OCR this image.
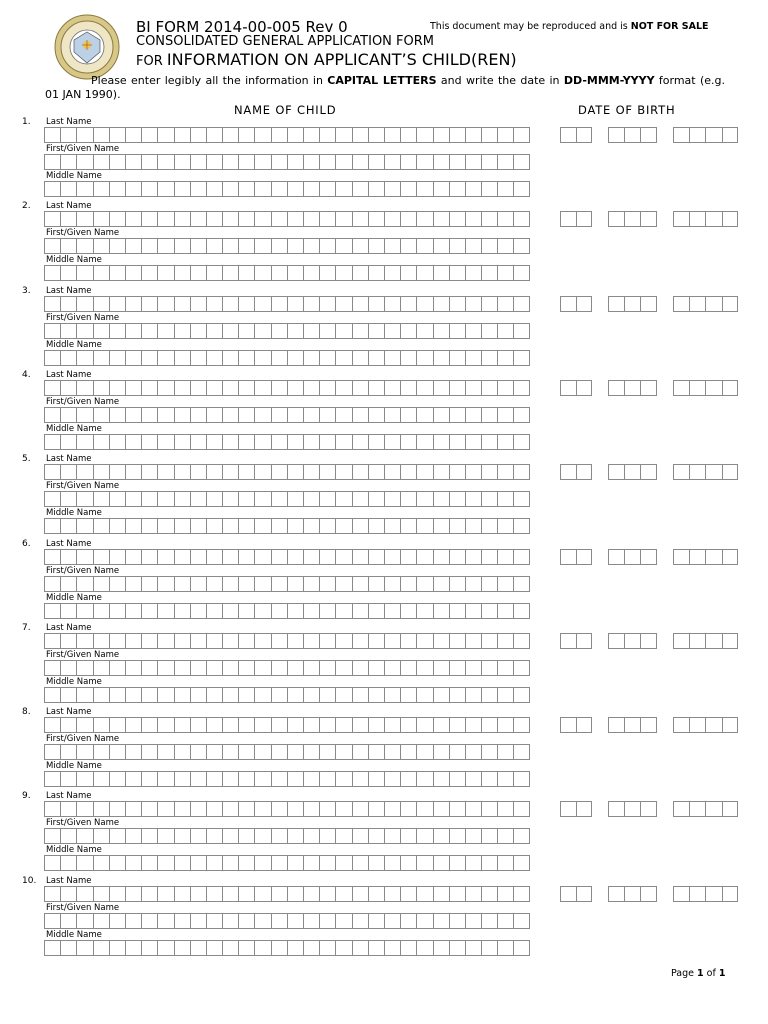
BI FORM 2014-00-005 Rev 0	This document may be reproduced and is NOT FOR SALE
CONSOLIDATED GENERAL APPLICATION FORM
FOR INFORMATION ON APPLICANT’S CHILD(REN)
Please enter legibly all the information in CAPITAL LETTERS and write the date in DD-MMM-YYYY format (e.g. 01 JAN 1990).
NAME OF CHILD	DATE OF BIRTH
1. Last Name
First/Given Name
Middle Name
2. Last Name
First/Given Name
Middle Name
3. Last Name
First/Given Name
Middle Name
4. Last Name
First/Given Name
Middle Name
5. Last Name
First/Given Name
Middle Name
6. Last Name
First/Given Name
Middle Name
7. Last Name
First/Given Name
Middle Name
8. Last Name
First/Given Name
Middle Name
9. Last Name
First/Given Name
Middle Name
10. Last Name
First/Given Name
Middle Name
Page 1 of 1
